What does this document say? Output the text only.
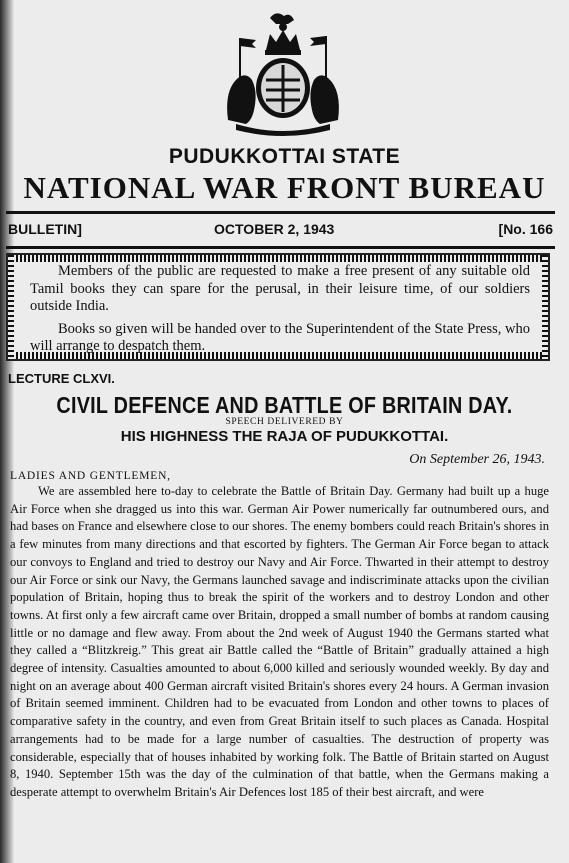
PUDUKKOTTAI STATE
NATIONAL WAR FRONT BUREAU
BULLETIN]	OCTOBER 2, 1943	[No. 166

Members of the public are requested to make a free present of any suitable old Tamil books they can spare for the perusal, in their leisure time, of our soldiers outside India.

Books so given will be handed over to the Superintendent of the State Press, who will arrange to despatch them.

LECTURE CLXVI.
CIVIL DEFENCE AND BATTLE OF BRITAIN DAY.
SPEECH DELIVERED BY
HIS HIGHNESS THE RAJA OF PUDUKKOTTAI.
On September 26, 1943.
LADIES AND GENTLEMEN,

We are assembled here to-day to celebrate the Battle of Britain Day. Germany had built up a huge Air Force when she dragged us into this war. German Air Power numerically far outnumbered ours, and had bases on France and elsewhere close to our shores. The enemy bombers could reach Britain's shores in a few minutes from many directions and that escorted by fighters. The German Air Force began to attack our convoys to England and tried to destroy our Navy and Air Force. Thwarted in their attempt to destroy our Air Force or sink our Navy, the Germans launched savage and indiscriminate attacks upon the civilian population of Britain, hoping thus to break the spirit of the workers and to destroy London and other towns. At first only a few aircraft came over Britain, dropped a small number of bombs at random causing little or no damage and flew away. From about the 2nd week of August 1940 the Germans started what they called a “Blitzkreig.” This great air Battle called the “Battle of Britain” gradually attained a high degree of intensity. Casualties amounted to about 6,000 killed and seriously wounded weekly. By day and night on an average about 400 German aircraft visited Britain's shores every 24 hours. A German invasion of Britain seemed imminent. Children had to be evacuated from London and other towns to places of comparative safety in the country, and even from Great Britain itself to such places as Canada. Hospital arrangements had to be made for a large number of casualties. The destruction of property was considerable, especially that of houses inhabited by working folk. The Battle of Britain started on August 8, 1940. September 15th was the day of the culmination of that battle, when the Germans making a desperate attempt to overwhelm Britain's Air Defences lost 185 of their best aircraft, and were
